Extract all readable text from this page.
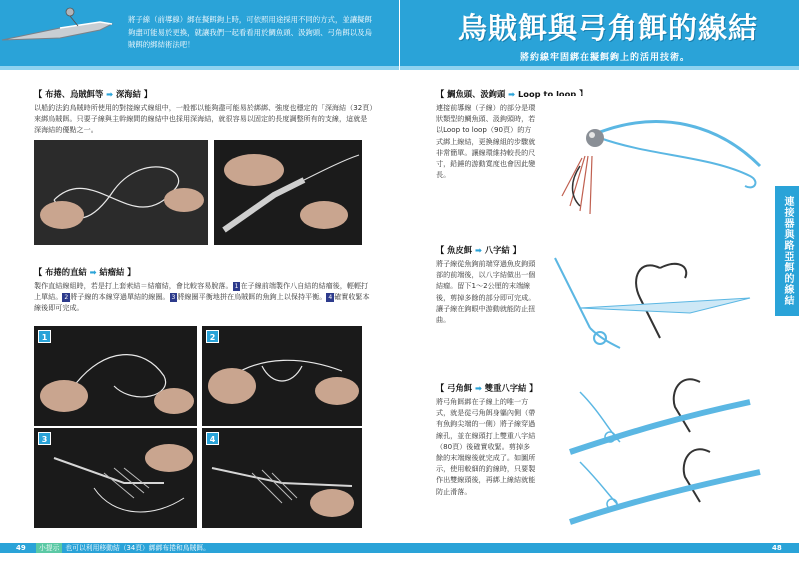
將子線（前導線）綁在擬餌鉤上時，可依照用途採用不同的方式，並讓擬餌夠盡可能易於更換，就讓我們一起看看用於鯛魚頭、汲鉤頭、弓角餌以及烏賊餌的綁結術法吧！
【 布捲、烏賊餌等 ➡ 深海結 】
以船釣法釣烏賊時所使用的對接線式線組中，一般都以能夠盡可能易於綁綁、強度也穩定的「深海結（32頁）來綁烏賊餌。只要子線與主幹線間的線結中也採用深海結，就很容易以固定的長度調整所有的支線，這就是深海結的優點之一。
【 布捲的直結 ➡ 結瘤結 】
製作直結線組時，若是打上套索結＝結瘤結，會比較容易脫落。 1 在子線前端製作八自結的結瘤後，輕輕打上單結。 2 將子線的本線穿過單結的線圈。 3 將線圈平衡地拼在烏賊餌的魚鉤上以保持平衡。 4 確實收緊本線後即可完成。
1	2
3	4
烏賊餌與弓角餌的線結
將約線牢固綁在擬餌鉤上的活用技術。
【 鯛魚頭、汲鉤頭 ➡ Loop to loop 】
連接前導線（子線）的部分是環狀類型的鯛魚頭、汲鉤頭時，若以Loop to loop（90頁）的方式綁上線結，更換線組的步驟就非常簡單。讓線環維持較長的尺寸，鉛錘的游動寬度也會因此變長。
【 魚皮餌 ➡ 八字結 】
將子線從魚鉤前端穿過魚皮鉤頭部的前端後，以八字結做出一個結瘤。留下1～2公厘的末端線後，剪掉多餘的部分即可完成。讓子線在鉤眼中游動就能防止扭曲。
【 弓角餌 ➡ 雙重八字結 】
將弓角餌綁在子線上的唯一方式，就是從弓角餌身軀內側（帶有魚鉤尖端的一側）將子線穿過線孔，並在線頭打上雙重八字結（80頁）後確實收緊。剪掉多餘的末端線後就完成了。如圖所示，使用較細的釣線時，只要製作出雙線頭後，再綁上線結就能防止滑落。
連接器與路亞餌的線結
49	小提示 也可以利用移動結（34頁）綁綁布捲和烏賊餌。	48
